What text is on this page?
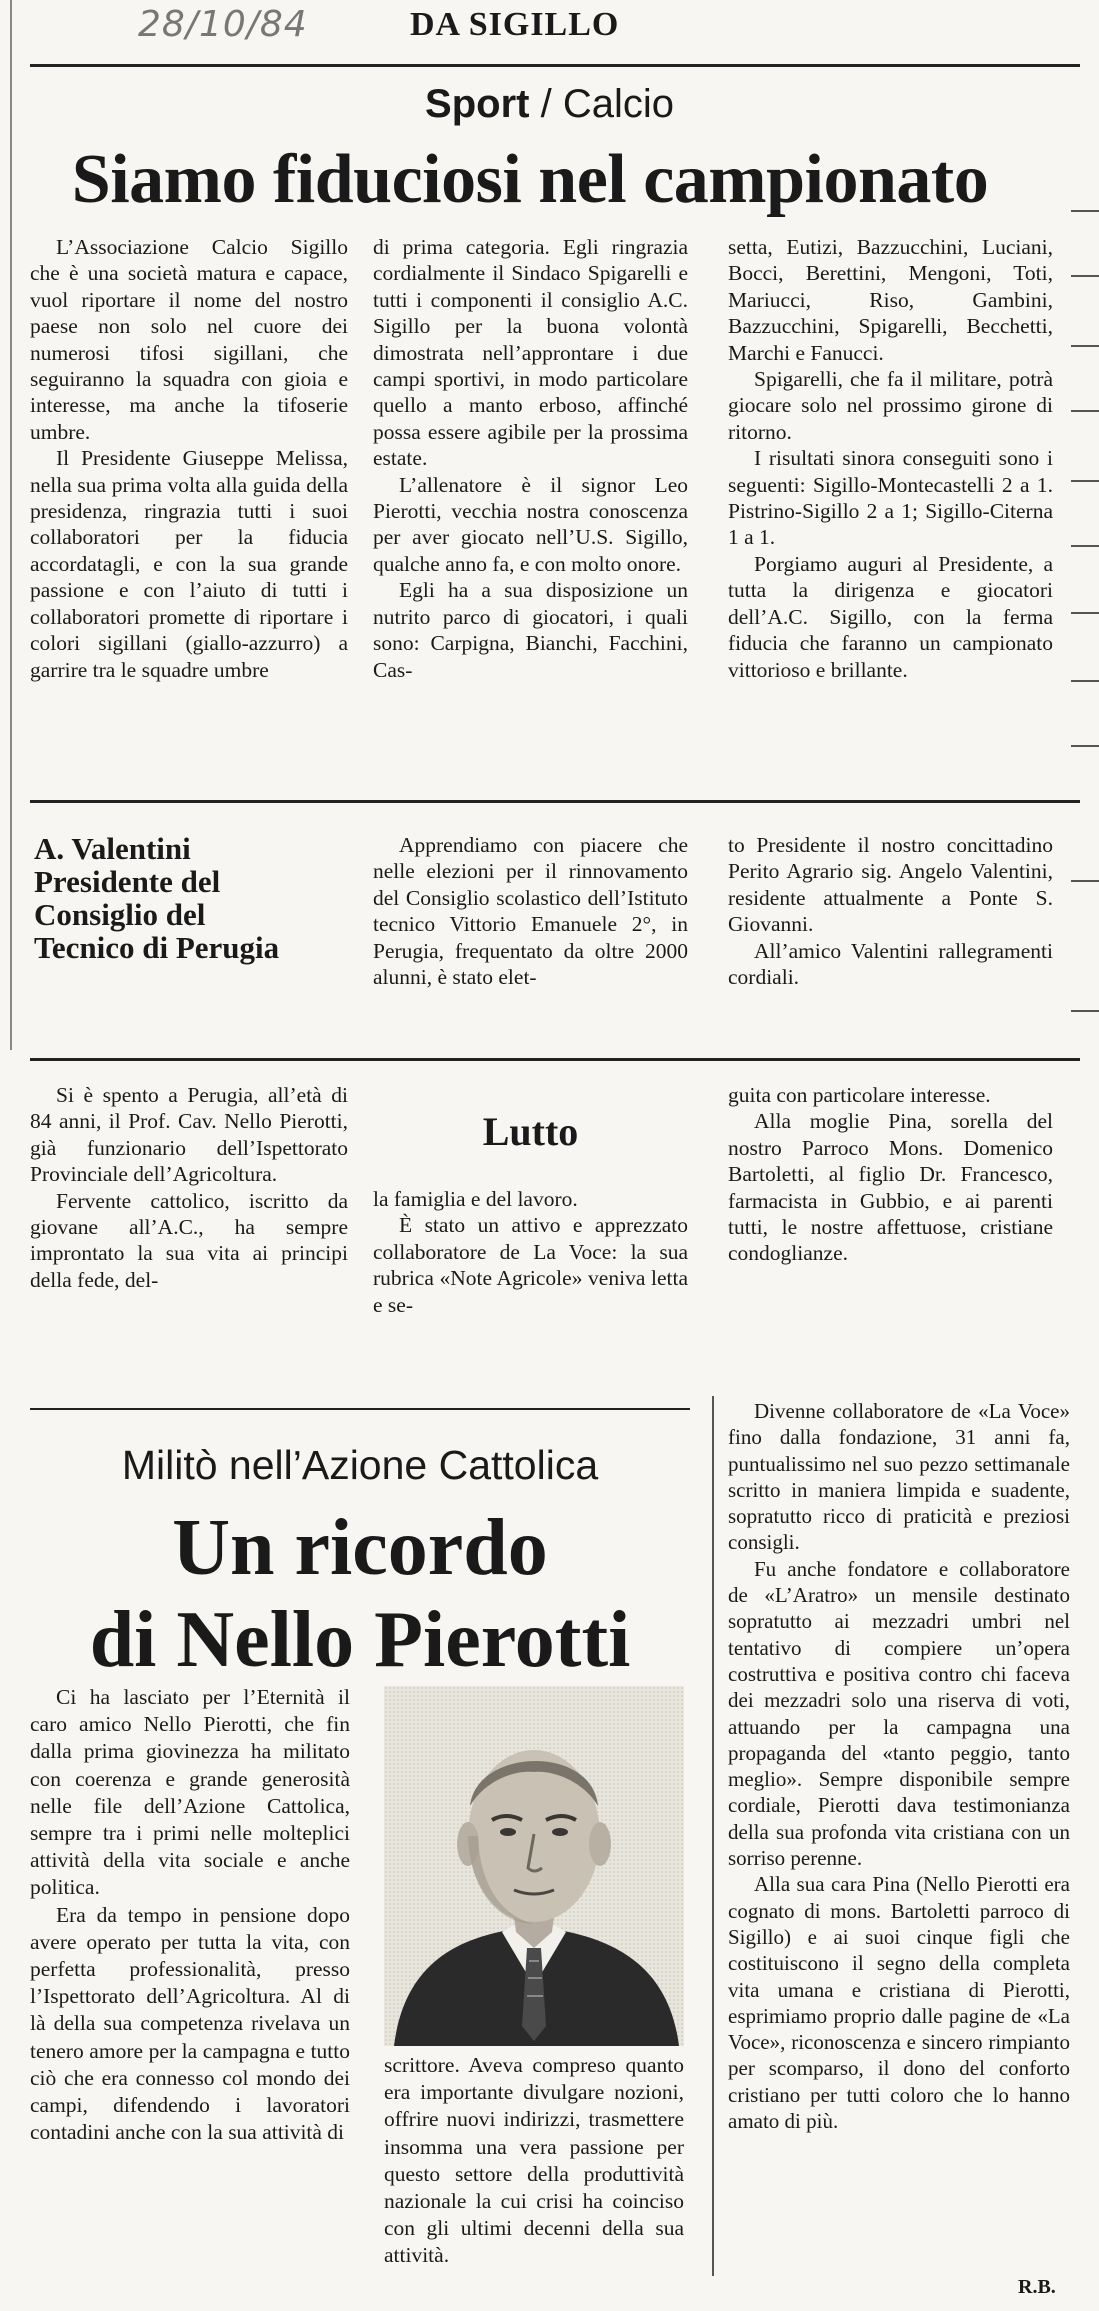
28/10/84	DA SIGILLO
Sport / Calcio
Siamo fiduciosi nel campionato

L’Associazione Calcio Sigillo che è una società matura e capace, vuol riportare il nome del nostro paese non solo nel cuore dei numerosi tifosi sigillani, che seguiranno la squadra con gioia e interesse, ma anche la tifoserie umbre.

Il Presidente Giuseppe Melissa, nella sua prima volta alla guida della presidenza, ringrazia tutti i suoi collaboratori per la fiducia accordatagli, e con la sua grande passione e con l’aiuto di tutti i collaboratori promette di riportare i colori sigillani (giallo-azzurro) a garrire tra le squadre umbre

di prima categoria. Egli ringrazia cordialmente il Sindaco Spigarelli e tutti i componenti il consiglio A.C. Sigillo per la buona volontà dimostrata nell’approntare i due campi sportivi, in modo particolare quello a manto erboso, affinché possa essere agibile per la prossima estate.

L’allenatore è il signor Leo Pierotti, vecchia nostra conoscenza per aver giocato nell’U.S. Sigillo, qualche anno fa, e con molto onore.

Egli ha a sua disposizione un nutrito parco di giocatori, i quali sono: Carpigna, Bianchi, Facchini, Cas-

setta, Eutizi, Bazzucchini, Luciani, Bocci, Berettini, Mengoni, Toti, Mariucci, Riso, Gambini, Bazzucchini, Spigarelli, Becchetti, Marchi e Fanucci.

Spigarelli, che fa il militare, potrà giocare solo nel prossimo girone di ritorno.

I risultati sinora conseguiti sono i seguenti: Sigillo-Montecastelli 2 a 1. Pistrino-Sigillo 2 a 1; Sigillo-Citerna 1 a 1.

Porgiamo auguri al Presidente, a tutta la dirigenza e giocatori dell’A.C. Sigillo, con la ferma fiducia che faranno un campionato vittorioso e brillante.

A. Valentini Presidente del Consiglio del Tecnico di Perugia

Apprendiamo con piacere che nelle elezioni per il rinnovamento del Consiglio scolastico dell’Istituto tecnico Vittorio Emanuele 2°, in Perugia, frequentato da oltre 2000 alunni, è stato elet-

to Presidente il nostro concittadino Perito Agrario sig. Angelo Valentini, residente attualmente a Ponte S. Giovanni.

All’amico Valentini rallegramenti cordiali.

Si è spento a Perugia, all’età di 84 anni, il Prof. Cav. Nello Pierotti, già funzionario dell’Ispettorato Provinciale dell’Agricoltura.

Fervente cattolico, iscritto da giovane all’A.C., ha sempre improntato la sua vita ai principi della fede, del-

Lutto

la famiglia e del lavoro.

È stato un attivo e apprezzato collaboratore de La Voce: la sua rubrica «Note Agricole» veniva letta e se-

guita con particolare interesse.

Alla moglie Pina, sorella del nostro Parroco Mons. Domenico Bartoletti, al figlio Dr. Francesco, farmacista in Gubbio, e ai parenti tutti, le nostre affettuose, cristiane condoglianze.

Militò nell’Azione Cattolica
Un ricordo
di Nello Pierotti

Ci ha lasciato per l’Eternità il caro amico Nello Pierotti, che fin dalla prima giovinezza ha militato con coerenza e grande generosità nelle file dell’Azione Cattolica, sempre tra i primi nelle molteplici attività della vita sociale e anche politica.

Era da tempo in pensione dopo avere operato per tutta la vita, con perfetta professionalità, presso l’Ispettorato dell’Agricoltura. Al di là della sua competenza rivelava un tenero amore per la campagna e tutto ciò che era connesso col mondo dei campi, difendendo i lavoratori contadini anche con la sua attività di

scrittore. Aveva compreso quanto era importante divulgare nozioni, offrire nuovi indirizzi, trasmettere insomma una vera passione per questo settore della produttività nazionale la cui crisi ha coinciso con gli ultimi decenni della sua attività.

Divenne collaboratore de «La Voce» fino dalla fondazione, 31 anni fa, puntualissimo nel suo pezzo settimanale scritto in maniera limpida e suadente, sopratutto ricco di praticità e preziosi consigli.

Fu anche fondatore e collaboratore de «L’Aratro» un mensile destinato sopratutto ai mezzadri umbri nel tentativo di compiere un’opera costruttiva e positiva contro chi faceva dei mezzadri solo una riserva di voti, attuando per la campagna una propaganda del «tanto peggio, tanto meglio». Sempre disponibile sempre cordiale, Pierotti dava testimonianza della sua profonda vita cristiana con un sorriso perenne.

Alla sua cara Pina (Nello Pierotti era cognato di mons. Bartoletti parroco di Sigillo) e ai suoi cinque figli che costituiscono il segno della completa vita umana e cristiana di Pierotti, esprimiamo proprio dalle pagine de «La Voce», riconoscenza e sincero rimpianto per scomparso, il dono del conforto cristiano per tutti coloro che lo hanno amato di più.

R.B.
